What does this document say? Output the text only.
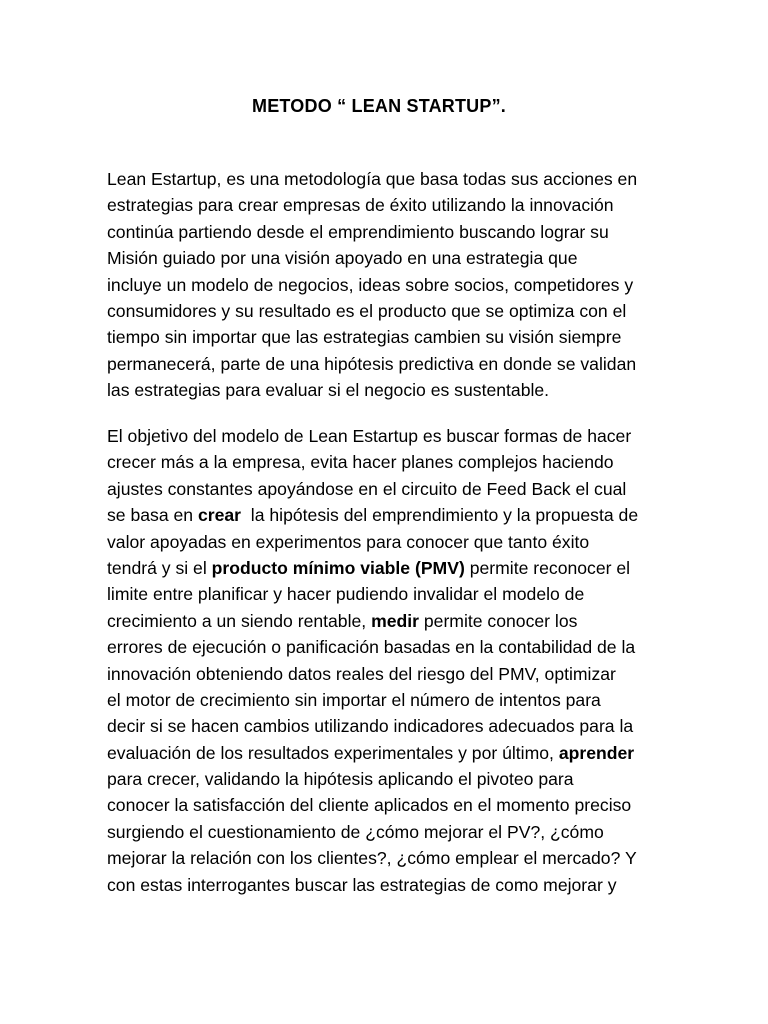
METODO “ LEAN STARTUP”.
Lean Estartup, es una metodología que basa todas sus acciones en
estrategias para crear empresas de éxito utilizando la innovación
continúa partiendo desde el emprendimiento buscando lograr su
Misión guiado por una visión apoyado en una estrategia que
incluye un modelo de negocios, ideas sobre socios, competidores y
consumidores y su resultado es el producto que se optimiza con el
tiempo sin importar que las estrategias cambien su visión siempre
permanecerá, parte de una hipótesis predictiva en donde se validan
las estrategias para evaluar si el negocio es sustentable.
El objetivo del modelo de Lean Estartup es buscar formas de hacer
crecer más a la empresa, evita hacer planes complejos haciendo
ajustes constantes apoyándose en el circuito de Feed Back el cual
se basa en crear  la hipótesis del emprendimiento y la propuesta de
valor apoyadas en experimentos para conocer que tanto éxito
tendrá y si el producto mínimo viable (PMV) permite reconocer el
limite entre planificar y hacer pudiendo invalidar el modelo de
crecimiento a un siendo rentable, medir permite conocer los
errores de ejecución o panificación basadas en la contabilidad de la
innovación obteniendo datos reales del riesgo del PMV, optimizar
el motor de crecimiento sin importar el número de intentos para
decir si se hacen cambios utilizando indicadores adecuados para la
evaluación de los resultados experimentales y por último, aprender
para crecer, validando la hipótesis aplicando el pivoteo para
conocer la satisfacción del cliente aplicados en el momento preciso
surgiendo el cuestionamiento de ¿cómo mejorar el PV?, ¿cómo
mejorar la relación con los clientes?, ¿cómo emplear el mercado? Y
con estas interrogantes buscar las estrategias de como mejorar y
